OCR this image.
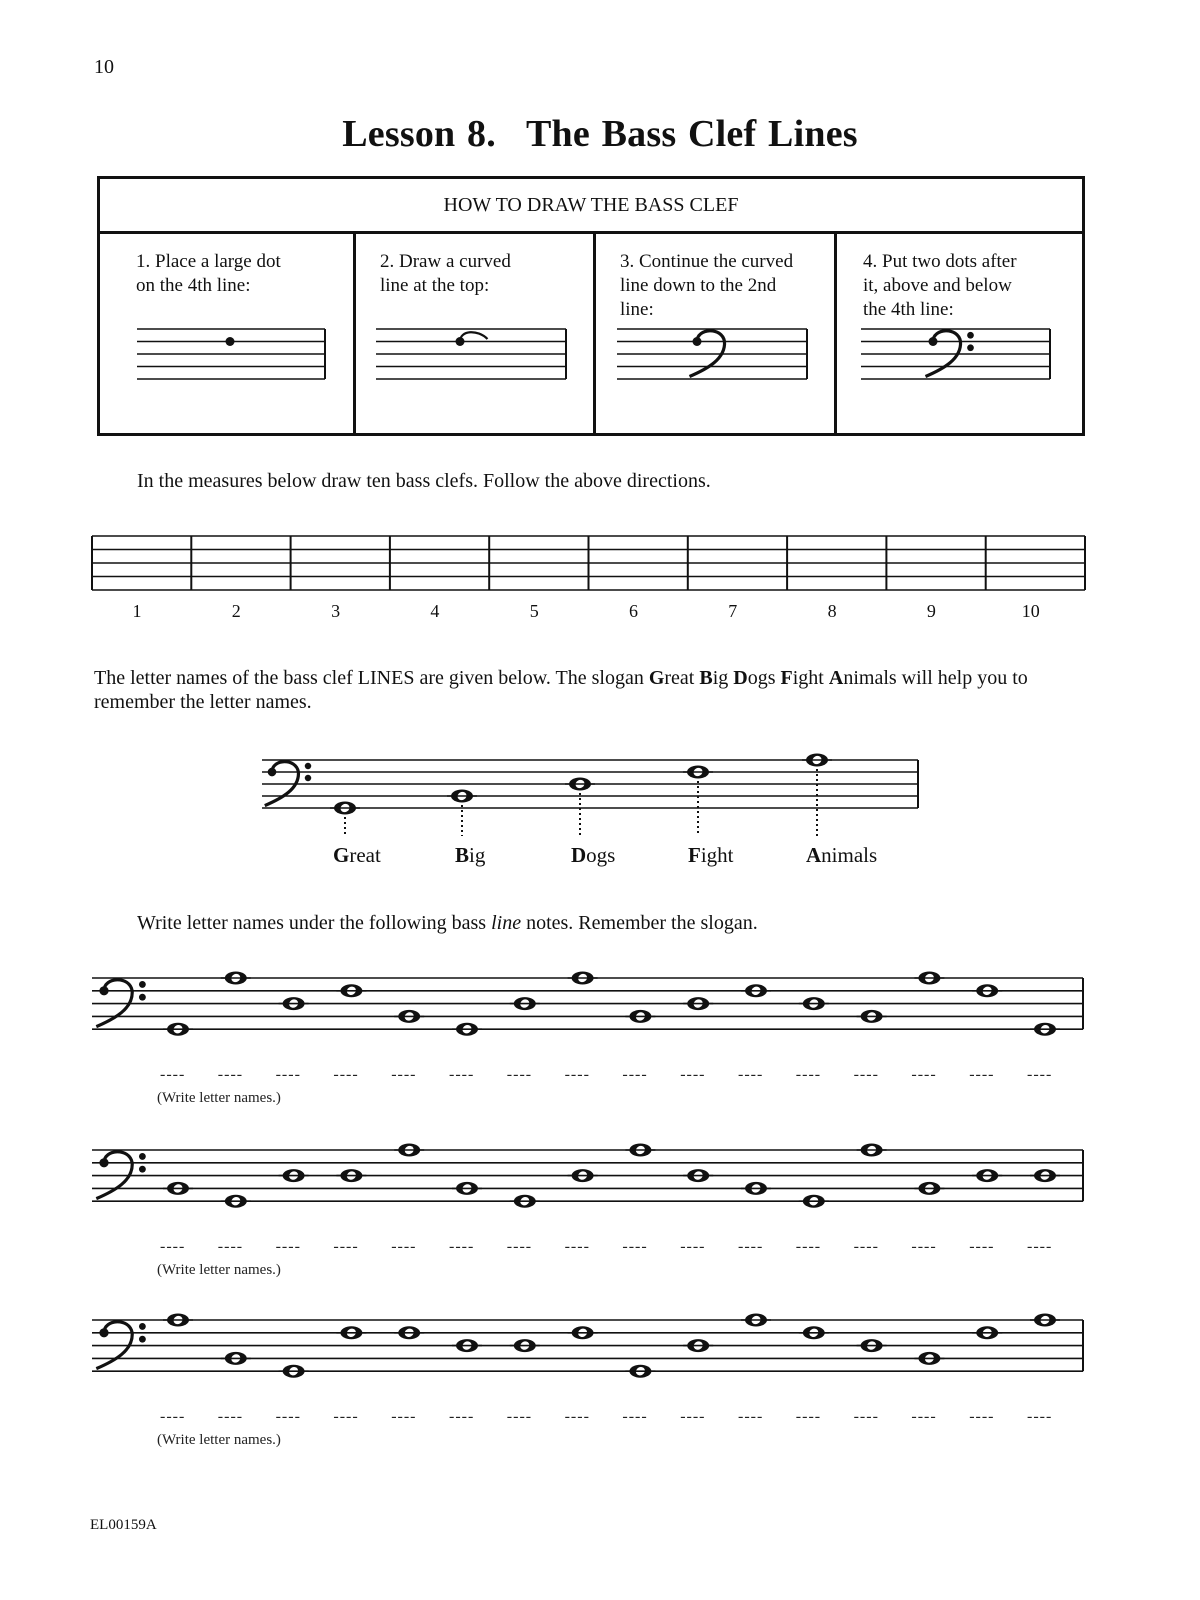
10
Lesson 8. The Bass Clef Lines
HOW TO DRAW THE BASS CLEF
1. Place a large dot
on the 4th line:
2. Draw a curved
line at the top:
3. Continue the curved
line down to the 2nd
line:
4. Put two dots after
it, above and below
the 4th line:
In the measures below draw ten bass clefs. Follow the above directions.
1	2	3	4	5	6	7	8	9	10
The letter names of the bass clef LINES are given below. The slogan Great Big Dogs Fight Animals will help you to remember the letter names.
Great	Big	Dogs	Fight	Animals
Write letter names under the following bass line notes. Remember the slogan.
---- ---- ---- ---- ---- ---- ---- ---- ---- ---- ---- ---- ---- ---- ---- ----
(Write letter names.)
---- ---- ---- ---- ---- ---- ---- ---- ---- ---- ---- ---- ---- ---- ---- ----
(Write letter names.)
---- ---- ---- ---- ---- ---- ---- ---- ---- ---- ---- ---- ---- ---- ---- ----
(Write letter names.)
EL00159A
